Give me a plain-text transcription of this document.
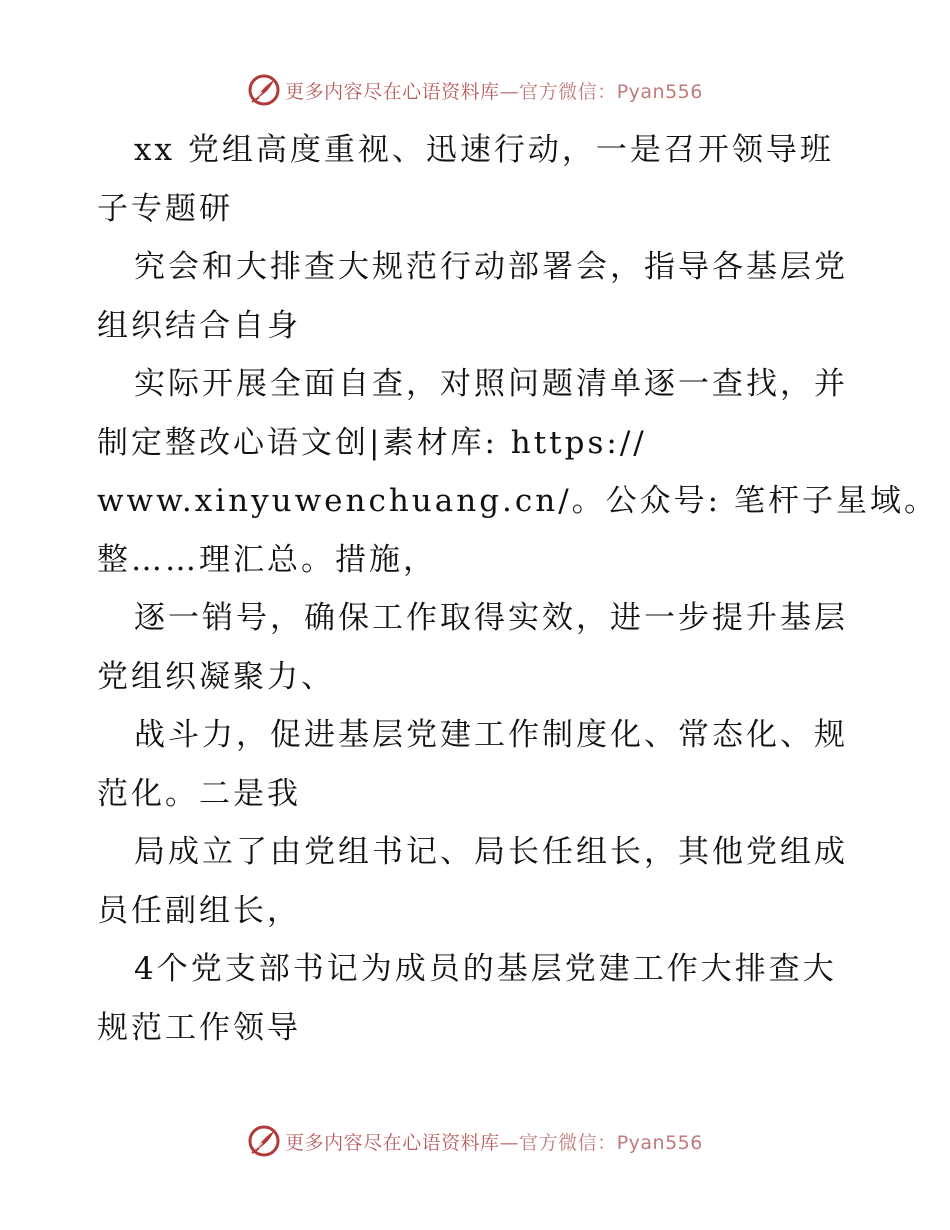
更多内容尽在心语资料库—官方微信：Pyan556
xx 党组高度重视、迅速行动，一是召开领导班
子专题研
究会和大排查大规范行动部署会，指导各基层党
组织结合自身
实际开展全面自查，对照问题清单逐一查找，并
制定整改心语文创|素材库: https://
www.xinyuwenchuang.cn/。公众号: 笔杆子星域。
整……理汇总。措施，
逐一销号，确保工作取得实效，进一步提升基层
党组织凝聚力、
战斗力，促进基层党建工作制度化、常态化、规
范化。二是我
局成立了由党组书记、局长任组长，其他党组成
员任副组长，
4个党支部书记为成员的基层党建工作大排查大
规范工作领导
更多内容尽在心语资料库—官方微信：Pyan556
